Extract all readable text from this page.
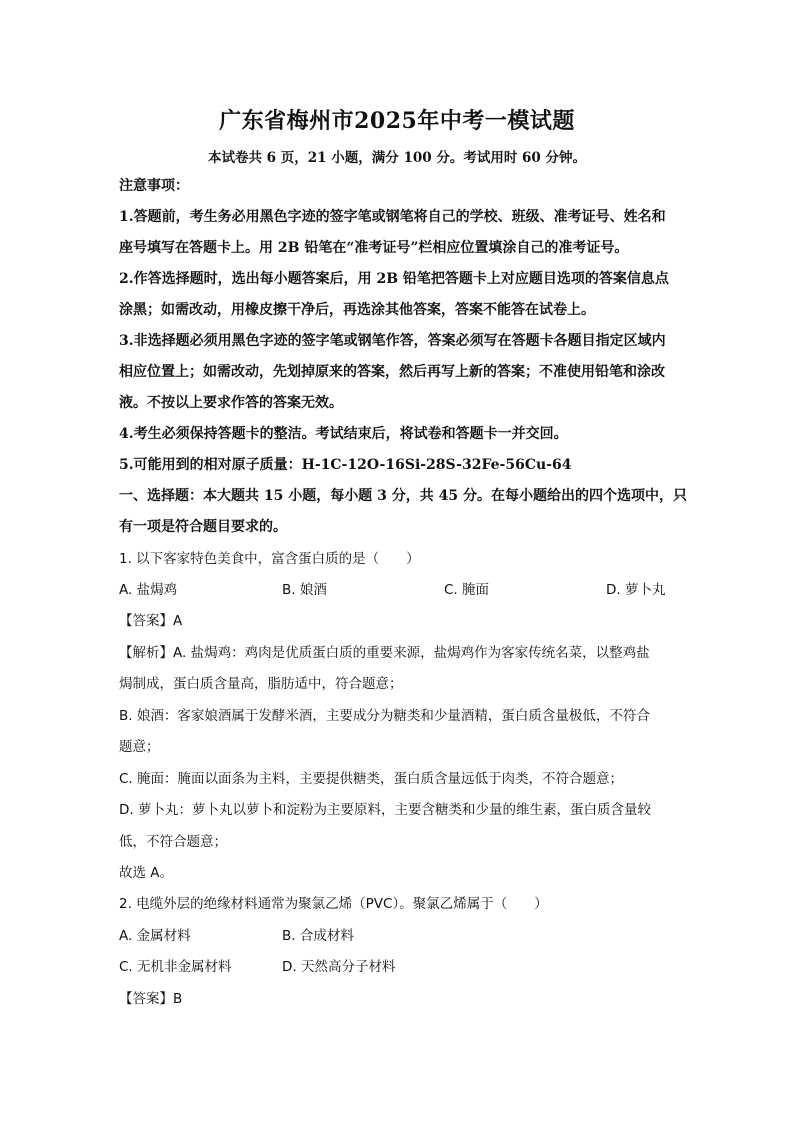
广东省梅州市2025年中考一模试题
本试卷共 6 页，21 小题，满分 100 分。考试用时 60 分钟。
注意事项：
1.答题前，考生务必用黑色字迹的签字笔或钢笔将自己的学校、班级、准考证号、姓名和
座号填写在答题卡上。用 2B 铅笔在“准考证号”栏相应位置填涂自己的准考证号。
2.作答选择题时，选出每小题答案后，用 2B 铅笔把答题卡上对应题目选项的答案信息点
涂黑；如需改动，用橡皮擦干净后，再选涂其他答案，答案不能答在试卷上。
3.非选择题必须用黑色字迹的签字笔或钢笔作答，答案必须写在答题卡各题目指定区域内
相应位置上；如需改动，先划掉原来的答案，然后再写上新的答案；不准使用铅笔和涂改
液。不按以上要求作答的答案无效。
4.考生必须保持答题卡的整洁。考试结束后，将试卷和答题卡一并交回。
5.可能用到的相对原子质量：H-1C-12O-16Si-28S-32Fe-56Cu-64
一、选择题：本大题共 15 小题，每小题 3 分，共 45 分。在每小题给出的四个选项中，只
有一项是符合题目要求的。
1. 以下客家特色美食中，富含蛋白质的是（　　）
A. 盐焗鸡	B. 娘酒	C. 腌面	D. 萝卜丸
【答案】A
【解析】A. 盐焗鸡：鸡肉是优质蛋白质的重要来源，盐焗鸡作为客家传统名菜，以整鸡盐
焗制成，蛋白质含量高，脂肪适中，符合题意；
B. 娘酒：客家娘酒属于发酵米酒，主要成分为糖类和少量酒精，蛋白质含量极低，不符合
题意；
C. 腌面：腌面以面条为主料，主要提供糖类，蛋白质含量远低于肉类，不符合题意；
D. 萝卜丸：萝卜丸以萝卜和淀粉为主要原料，主要含糖类和少量的维生素，蛋白质含量较
低，不符合题意；
故选 A。
2. 电缆外层的绝缘材料通常为聚氯乙烯（PVC）。聚氯乙烯属于（　　）
A. 金属材料	B. 合成材料
C. 无机非金属材料	D. 天然高分子材料
【答案】B
